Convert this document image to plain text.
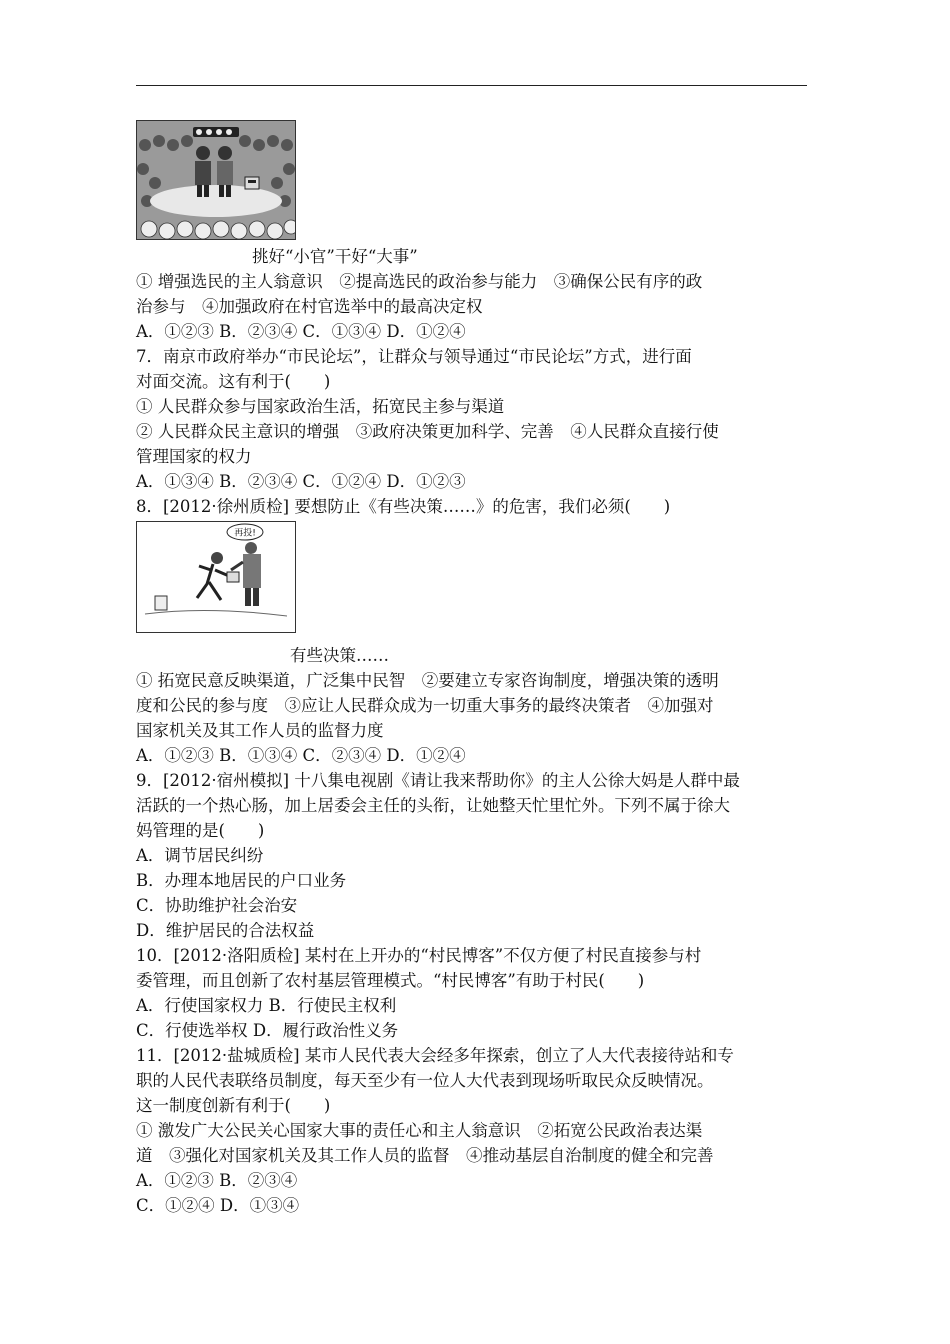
挑好“小官”干好“大事”
① 增强选民的主人翁意识　②提高选民的政治参与能力　③确保公民有序的政
治参与　④加强政府在村官选举中的最高决定权
A．①②③ B．②③④ C．①③④ D．①②④
7．南京市政府举办“市民论坛”，让群众与领导通过“市民论坛”方式，进行面
对面交流。这有利于(　　)
① 人民群众参与国家政治生活，拓宽民主参与渠道
② 人民群众民主意识的增强　③政府决策更加科学、完善　④人民群众直接行使
管理国家的权力
A．①③④ B．②③④ C．①②④ D．①②③
8．[2012·徐州质检] 要想防止《有些决策……》的危害，我们必须(　　)
再投!
有些决策……
① 拓宽民意反映渠道，广泛集中民智　②要建立专家咨询制度，增强决策的透明
度和公民的参与度　③应让人民群众成为一切重大事务的最终决策者　④加强对
国家机关及其工作人员的监督力度
A．①②③ B．①③④ C．②③④ D．①②④
9．[2012·宿州模拟] 十八集电视剧《请让我来帮助你》的主人公徐大妈是人群中最
活跃的一个热心肠，加上居委会主任的头衔，让她整天忙里忙外。下列不属于徐大
妈管理的是(　　)
A．调节居民纠纷
B．办理本地居民的户口业务
C．协助维护社会治安
D．维护居民的合法权益
10．[2012·洛阳质检] 某村在上开办的“村民博客”不仅方便了村民直接参与村
委管理，而且创新了农村基层管理模式。“村民博客”有助于村民(　　)
A．行使国家权力 B．行使民主权利
C．行使选举权 D．履行政治性义务
11．[2012·盐城质检] 某市人民代表大会经多年探索，创立了人大代表接待站和专
职的人民代表联络员制度，每天至少有一位人大代表到现场听取民众反映情况。
这一制度创新有利于(　　)
① 激发广大公民关心国家大事的责任心和主人翁意识　②拓宽公民政治表达渠
道　③强化对国家机关及其工作人员的监督　④推动基层自治制度的健全和完善
A．①②③ B．②③④
C．①②④ D．①③④
